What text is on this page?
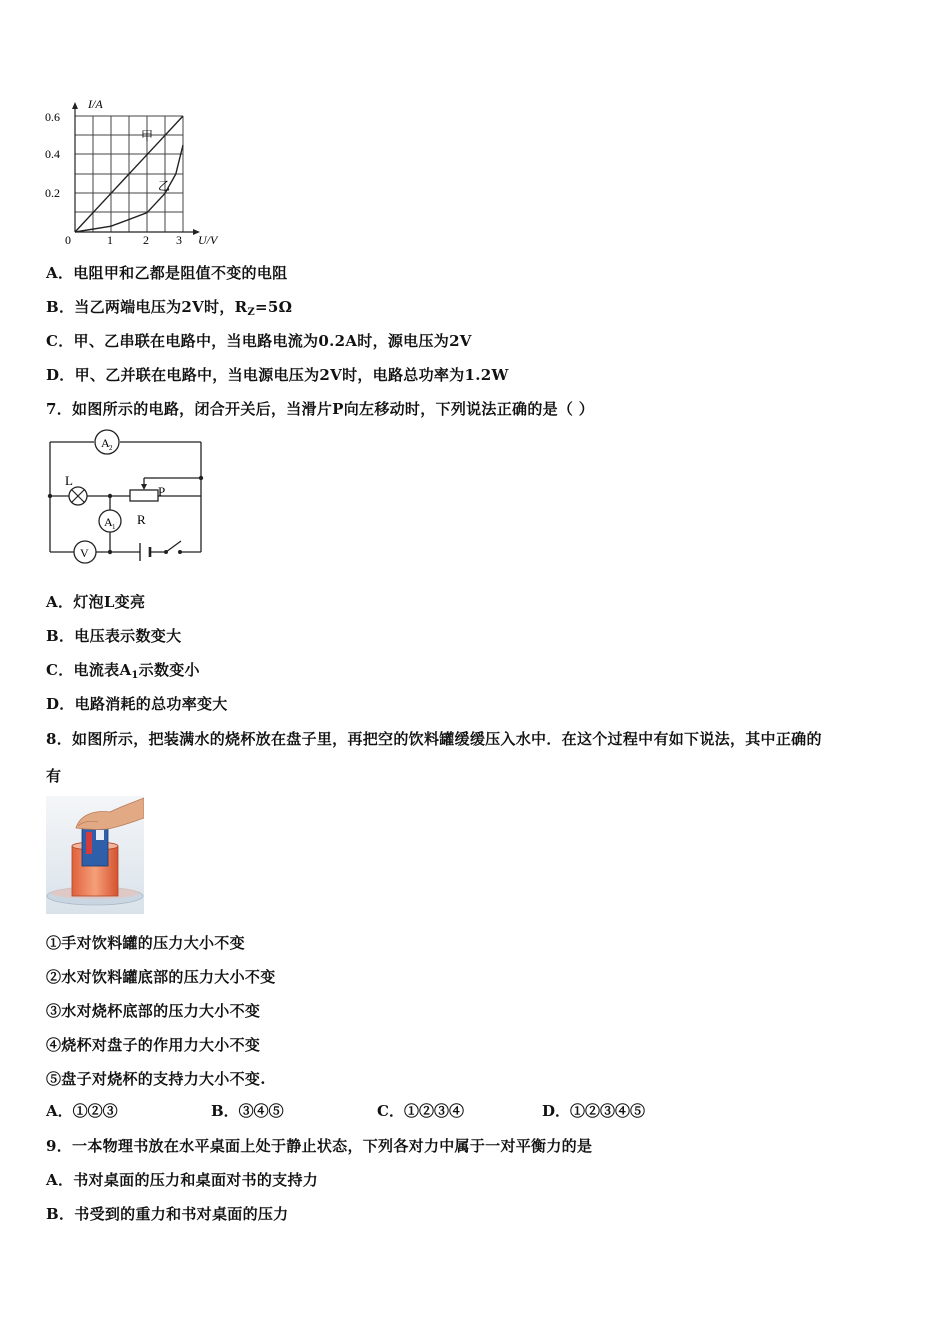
I/A
U/V
0.6
0.4
0.2
0	1	2 3
甲
乙
A．电阻甲和乙都是阻值不变的电阻
B．当乙两端电压为2V时，$R_Z=5\Omega$
C．甲、乙串联在电路中，当电路电流为0.2A时，源电压为2V
D．甲、乙并联在电路中，当电源电压为2V时，电路总功率为1.2W
7．如图所示的电路，闭合开关后，当滑片P向左移动时，下列说法正确的是（ ）
A 2
L
P
R
A 1
V
A．灯泡L变亮
B．电压表示数变大
C．电流表$A_1$示数变小
D．电路消耗的总功率变大
8．如图所示，把装满水的烧杯放在盘子里，再把空的饮料罐缓缓压入水中．在这个过程中有如下说法，其中正确的
有
①手对饮料罐的压力大小不变
②水对饮料罐底部的压力大小不变
③水对烧杯底部的压力大小不变
④烧杯对盘子的作用力大小不变
⑤盘子对烧杯的支持力大小不变.
A．①②③	B．③④⑤	C．①②③④	D．①②③④⑤
9．一本物理书放在水平桌面上处于静止状态，下列各对力中属于一对平衡力的是
A．书对桌面的压力和桌面对书的支持力
B．书受到的重力和书对桌面的压力
